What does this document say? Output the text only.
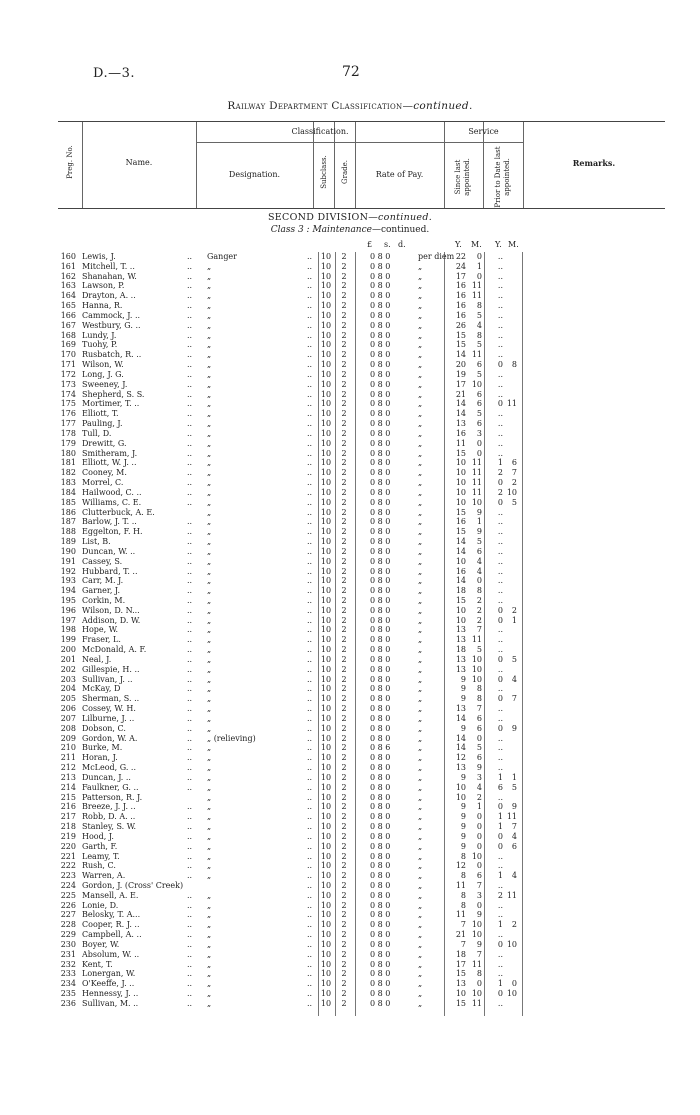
D.—3.	72
Railway Department Classification—continued.
Preg. No.	Name.
Classification.
Designation.	Subclass. Grade.	Rate of Pay.
Service
Since last appointed.	Prior to Date last appointed.	Remarks.
SECOND DIVISION—continued.
Class 3 : Maintenance—continued.
£ s. d.	Y. M. Y. M.
160 Lewis, J.	.. Ganger	.. 10	2	0 8 0	per diem 22	0	..
161 Mitchell, T. ..	.. „	.. 10	2	0 8 0	„	24	1	..
162 Shanahan, W.	.. „	.. 10	2	0 8 0	„	17	0	..
163 Lawson, P.	.. „	.. 10	2	0 8 0	„	16 11	..
164 Drayton, A. ..	.. „	.. 10	2	0 8 0	„	16 11	..
165 Hanna, R.	.. „	.. 10	2	0 8 0	„	16	8	..
166 Cammock, J. ..	.. „	.. 10	2	0 8 0	„	16	5	..
167 Westbury, G. ..	.. „	.. 10	2	0 8 0	„	26	4	..
168 Lundy, J.	.. „	.. 10	2	0 8 0	„	15	8	..
169 Tuohy, P.	.. „	.. 10	2	0 8 0	„	15	5	..
170 Rusbatch, R. ..	.. „	.. 10	2	0 8 0	„	14 11	..
171 Wilson, W.	.. „	.. 10	2	0 8 0	„	20	6	0	8
172 Long, J. G.	.. „	.. 10	2	0 8 0	„	19	5	..
173 Sweeney, J.	.. „	.. 10	2	0 8 0	„	17 10	..
174 Shepherd, S. S.	.. „	.. 10	2	0 8 0	„	21	6	..
175 Mortimer, T. ..	.. „	.. 10	2	0 8 0	„	14	6	0 11
176 Elliott, T.	.. „	.. 10	2	0 8 0	„	14	5	..
177 Pauling, J.	.. „	.. 10	2	0 8 0	„	13	6	..
178 Tull, D.	.. „	.. 10	2	0 8 0	„	16	3	..
179 Drewitt, G.	.. „	.. 10	2	0 8 0	„	11	0	..
180 Smitheram, J.	.. „	.. 10	2	0 8 0	„	15	0	..
181 Elliott, W. J. ..	.. „	.. 10	2	0 8 0	„	10 11	1	6
182 Cooney, M.	.. „	.. 10	2	0 8 0	„	10 11	2	7
183 Morrel, C.	.. „	.. 10	2	0 8 0	„	10 11	0	2
184 Hailwood, C. ..	.. „	.. 10	2	0 8 0	„	10 11	2 10
185 Williams, C. E.	.. „	.. 10	2	0 8 0	„	10 10	0	5
186 Clutterbuck, A. E.	„	.. 10	2	0 8 0	„	15	9	..
187 Barlow, J. T. ..	.. „	.. 10	2	0 8 0	„	16	1	..
188 Eggelton, F. H.	.. „	.. 10	2	0 8 0	„	15	9	..
189 List, B.	.. „	.. 10	2	0 8 0	„	14	5	..
190 Duncan, W. ..	.. „	.. 10	2	0 8 0	„	14	6	..
191 Cassey, S.	.. „	.. 10	2	0 8 0	„	10	4	..
192 Hubbard, T. ..	.. „	.. 10	2	0 8 0	„	16	4	..
193 Carr, M. J.	.. „	.. 10	2	0 8 0	„	14	0	..
194 Garner, J.	.. „	.. 10	2	0 8 0	„	18	8	..
195 Corkin, M.	.. „	.. 10	2	0 8 0	„	15	2	..
196 Wilson, D. N...	.. „	.. 10	2	0 8 0	„	10	2	0	2
197 Addison, D. W.	.. „	.. 10	2	0 8 0	„	10	2	0	1
198 Hope, W.	.. „	.. 10	2	0 8 0	„	13	7	..
199 Fraser, L.	.. „	.. 10	2	0 8 0	„	13 11	..
200 McDonald, A. F.	.. „	.. 10	2	0 8 0	„	18	5	..
201 Neal, J.	.. „	.. 10	2	0 8 0	„	13 10	0	5
202 Gillespie, H. ..	.. „	.. 10	2	0 8 0	„	13 10	..
203 Sullivan, J. ..	.. „	.. 10	2	0 8 0	„	9 10	0	4
204 McKay, D	.. „	.. 10	2	0 8 0	„	9	8	..
205 Sherman, S. ..	.. „	.. 10	2	0 8 0	„	9	8	0	7
206 Cossey, W. H.	.. „	.. 10	2	0 8 0	„	13	7	..
207 Lilburne, J. ..	.. „	.. 10	2	0 8 0	„	14	6	..
208 Dobson, C.	.. „	.. 10	2	0 8 0	„	9	6	0	9
209 Gordon, W. A.	.. „ (relieving)	.. 10	2	0 8 0	„	14	0	..
210 Burke, M.	.. „	.. 10	2	0 8 6	„	14	5	..
211 Horan, J.	.. „	.. 10	2	0 8 0	„	12	6	..
212 McLeod, G. ..	.. „	.. 10	2	0 8 0	„	13	9	..
213 Duncan, J. ..	.. „	.. 10	2	0 8 0	„	9	3	1	1
214 Faulkner, G. ..	.. „	.. 10	2	0 8 0	„	10	4	6	5
215 Patterson, R. J.	„	.. 10	2	0 8 0	„	10	2	..
216 Breeze, J. J. ..	.. „	.. 10	2	0 8 0	„	9	1	0	9
217 Robb, D. A. ..	.. „	.. 10	2	0 8 0	„	9	0	1 11
218 Stanley, S. W.	.. „	.. 10	2	0 8 0	„	9	0	1	7
219 Hood, J.	.. „	.. 10	2	0 8 0	„	9	0	0	4
220 Garth, F.	.. „	.. 10	2	0 8 0	„	9	0	0	6
221 Leamy, T.	.. „	.. 10	2	0 8 0	„	8 10	..
222 Rush, C.	.. „	.. 10	2	0 8 0	„	12	0	..
223 Warren, A.	.. „	.. 10	2	0 8 0	„	8	6	1	4
224 Gordon, J. (Cross' Creek)	.. 10	2	0 8 0	„	11	7	..
225 Mansell, A. E.	.. „	.. 10	2	0 8 0	„	8	3	2 11
226 Lonie, D.	.. „	.. 10	2	0 8 0	„	8	0	..
227 Belosky, T. A...	.. „	.. 10	2	0 8 0	„	11	9	..
228 Cooper, R. J. ..	.. „	.. 10	2	0 8 0	„	7 10	1	2
229 Campbell, A. ..	.. „	.. 10	2	0 8 0	„	21 10	..
230 Boyer, W.	.. „	.. 10	2	0 8 0	„	7	9	0 10
231 Absolum, W. ..	.. „	.. 10	2	0 8 0	„	18	7	..
232 Kent, T.	.. „	.. 10	2	0 8 0	„	17 11	..
233 Lonergan, W.	.. „	.. 10	2	0 8 0	„	15	8	..
234 O'Keeffe, J. ..	.. „	.. 10	2	0 8 0	„	13	0	1	0
235 Hennessy, J. ..	.. „	.. 10	2	0 8 0	„	10 10	0 10
236 Sullivan, M. ..	.. „	.. 10	2	0 8 0	„	15 11	..
